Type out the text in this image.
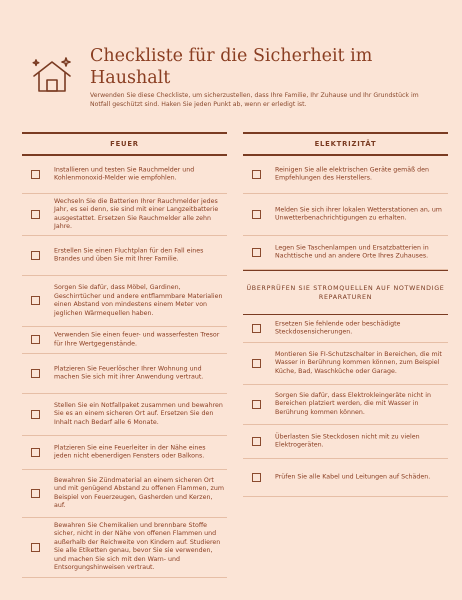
Checkliste für die Sicherheit im Haushalt

Verwenden Sie diese Checkliste, um sicherzustellen, dass Ihre Familie, Ihr Zuhause und Ihr Grundstück im Notfall geschützt sind. Haken Sie jeden Punkt ab, wenn er erledigt ist.

FEUER
Installieren und testen Sie Rauchmelder und Kohlenmonoxid-Melder wie empfohlen.
Wechseln Sie die Batterien Ihrer Rauchmelder jedes Jahr, es sei denn, sie sind mit einer Langzeitbatterie ausgestattet. Ersetzen Sie Rauchmelder alle zehn Jahre.
Erstellen Sie einen Fluchtplan für den Fall eines Brandes und üben Sie mit Ihrer Familie.
Sorgen Sie dafür, dass Möbel, Gardinen, Geschirrtücher und andere entflammbare Materialien einen Abstand von mindestens einem Meter von jeglichen Wärmequellen haben.
Verwenden Sie einen feuer- und wasserfesten Tresor für Ihre Wertgegenstände.
Platzieren Sie Feuerlöscher Ihrer Wohnung und machen Sie sich mit ihrer Anwendung vertraut.
Stellen Sie ein Notfallpaket zusammen und bewahren Sie es an einem sicheren Ort auf. Ersetzen Sie den Inhalt nach Bedarf alle 6 Monate.
Platzieren Sie eine Feuerleiter in der Nähe eines jeden nicht ebenerdigen Fensters oder Balkons.
Bewahren Sie Zündmaterial an einem sicheren Ort und mit genügend Abstand zu offenen Flammen, zum Beispiel von Feuerzeugen, Gasherden und Kerzen, auf.
Bewahren Sie Chemikalien und brennbare Stoffe sicher, nicht in der Nähe von offenen Flammen und außerhalb der Reichweite von Kindern auf. Studieren Sie alle Etiketten genau, bevor Sie sie verwenden, und machen Sie sich mit den Warn- und Entsorgungshinweisen vertraut.
ELEKTRIZITÄT
Reinigen Sie alle elektrischen Geräte gemäß den Empfehlungen des Herstellers.
Melden Sie sich ihrer lokalen Wetterstationen an, um Unwetterbenachrichtigungen zu erhalten.
Legen Sie Taschenlampen und Ersatzbatterien in Nachttische und an andere Orte Ihres Zuhauses.
ÜBERPRÜFEN SIE STROMQUELLEN AUF NOTWENDIGE REPARATUREN
Ersetzen Sie fehlende oder beschädigte Steckdosensicherungen.
Montieren Sie FI-Schutzschalter in Bereichen, die mit Wasser in Berührung kommen können, zum Beispiel Küche, Bad, Waschküche oder Garage.
Sorgen Sie dafür, dass Elektrokleingeräte nicht in Bereichen platziert werden, die mit Wasser in Berührung kommen können.
Überlasten Sie Steckdosen nicht mit zu vielen Elektrogeräten.
Prüfen Sie alle Kabel und Leitungen auf Schäden.
